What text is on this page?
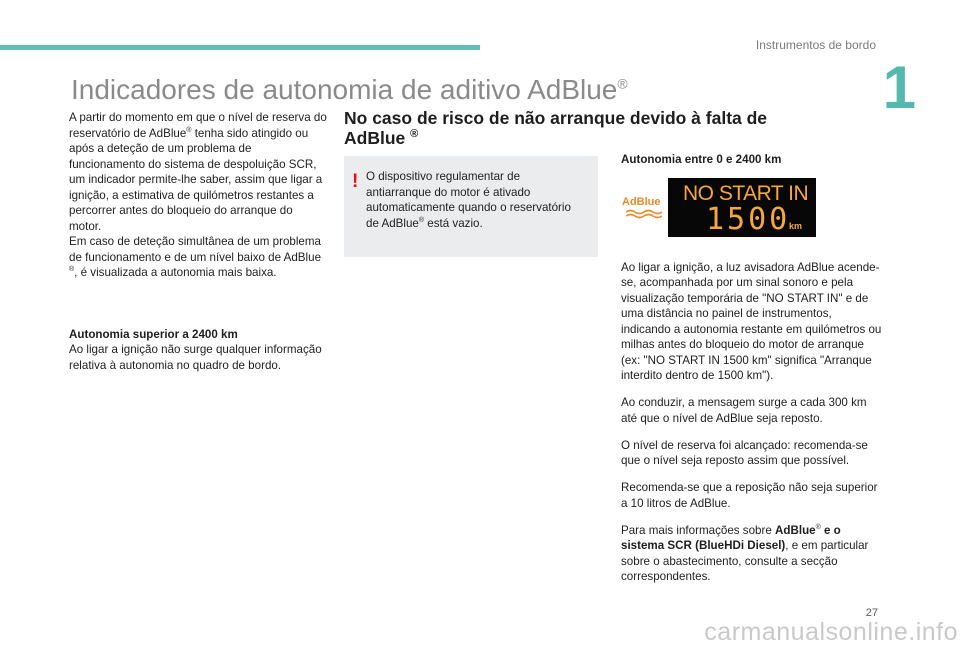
Instrumentos de bordo
1
Indicadores de autonomia de aditivo AdBlue®

A partir do momento em que o nível de reserva do reservatório de AdBlue® tenha sido atingido ou após a deteção de um problema de funcionamento do sistema de despoluição SCR, um indicador permite-lhe saber, assim que ligar a ignição, a estimativa de quilómetros restantes a percorrer antes do bloqueio do arranque do motor.

Em caso de deteção simultânea de um problema de funcionamento e de um nível baixo de AdBlue ®, é visualizada a autonomia mais baixa.

Autonomia superior a 2400 km

Ao ligar a ignição não surge qualquer informação relativa à autonomia no quadro de bordo.

No caso de risco de não arranque devido à falta de AdBlue ®
! O dispositivo regulamentar de antiarranque do motor é ativado automaticamente quando o reservatório de AdBlue® está vazio.

Autonomia entre 0 e 2400 km

AdBlue NO START IN
1500
km

Ao ligar a ignição, a luz avisadora AdBlue acende-se, acompanhada por um sinal sonoro e pela visualização temporária de "NO START IN" e de uma distância no painel de instrumentos, indicando a autonomia restante em quilómetros ou milhas antes do bloqueio do motor de arranque (ex: "NO START IN 1500 km" significa "Arranque interdito dentro de 1500 km").

Ao conduzir, a mensagem surge a cada 300 km até que o nível de AdBlue seja reposto.

O nível de reserva foi alcançado: recomenda-se que o nível seja reposto assim que possível.

Recomenda-se que a reposição não seja superior a 10 litros de AdBlue.

Para mais informações sobre AdBlue® e o sistema SCR (BlueHDi Diesel), e em particular sobre o abastecimento, consulte a secção correspondentes.

27
carmanualsonline.info
